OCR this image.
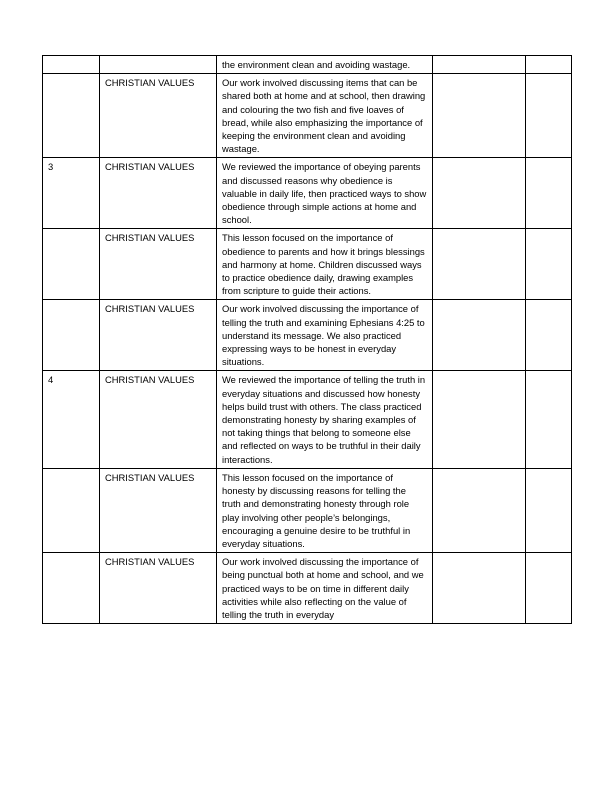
		the environment clean and avoiding wastage.		
	CHRISTIAN VALUES	Our work involved discussing items that can be shared both at home and at school, then drawing and colouring the two fish and five loaves of bread, while also emphasizing the importance of keeping the environment clean and avoiding wastage.		
3	CHRISTIAN VALUES	We reviewed the importance of obeying parents and discussed reasons why obedience is valuable in daily life, then practiced ways to show obedience through simple actions at home and school.		
	CHRISTIAN VALUES	This lesson focused on the importance of obedience to parents and how it brings blessings and harmony at home. Children discussed ways to practice obedience daily, drawing examples from scripture to guide their actions.		
	CHRISTIAN VALUES	Our work involved discussing the importance of telling the truth and examining Ephesians 4:25 to understand its message. We also practiced expressing ways to be honest in everyday situations.		
4	CHRISTIAN VALUES	We reviewed the importance of telling the truth in everyday situations and discussed how honesty helps build trust with others. The class practiced demonstrating honesty by sharing examples of not taking things that belong to someone else and reflected on ways to be truthful in their daily interactions.		
	CHRISTIAN VALUES	This lesson focused on the importance of honesty by discussing reasons for telling the truth and demonstrating honesty through role play involving other people’s belongings, encouraging a genuine desire to be truthful in everyday situations.		
	CHRISTIAN VALUES	Our work involved discussing the importance of being punctual both at home and school, and we practiced ways to be on time in different daily activities while also reflecting on the value of telling the truth in everyday		
